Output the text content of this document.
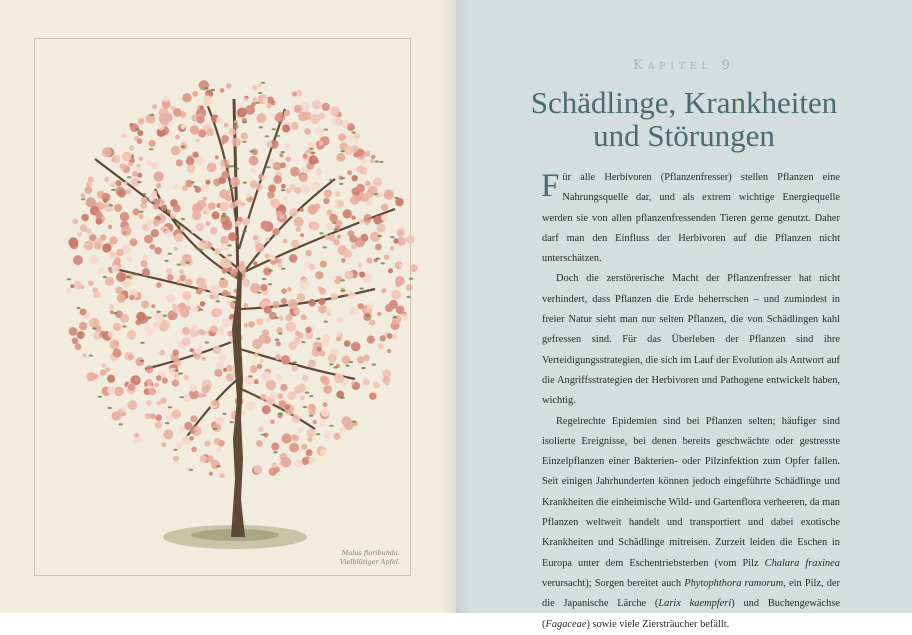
Malus floribunda.
Vielblütiger Apfel.
Kapitel 9
Schädlinge, Krankheiten
und Störungen

Für alle Herbivoren (Pflanzenfresser) stellen Pflanzen eine Nahrungsquelle dar, und als extrem wichtige Energiequelle werden sie von allen pflanzenfressenden Tieren gerne genutzt. Daher darf man den Einfluss der Herbivoren auf die Pflanzen nicht unterschätzen.

Doch die zerstörerische Macht der Pflanzenfresser hat nicht verhindert, dass Pflanzen die Erde beherrschen – und zumindest in freier Natur sieht man nur selten Pflanzen, die von Schädlingen kahl gefressen sind. Für das Überleben der Pflanzen sind ihre Verteidigungsstrategien, die sich im Lauf der Evolution als Antwort auf die Angriffsstrategien der Herbivoren und Pathogene entwickelt haben, wichtig.

Regelrechte Epidemien sind bei Pflanzen selten; häufiger sind isolierte Ereignisse, bei denen bereits geschwächte oder gestresste Einzelpflanzen einer Bakterien- oder Pilzinfektion zum Opfer fallen. Seit einigen Jahrhunderten können jedoch eingeführte Schädlinge und Krankheiten die einheimische Wild- und Gartenflora verheeren, da man Pflanzen weltweit handelt und transportiert und dabei exotische Krankheiten und Schädlinge mitreisen. Zurzeit leiden die Eschen in Europa unter dem Eschentriebsterben (vom Pilz Chalara fraxinea verursacht); Sorgen bereitet auch Phytophthora ramorum, ein Pilz, der die Japanische Lärche (Larix kaempferi) und Buchengewächse (Fagaceae) sowie viele Ziersträucher befällt.
